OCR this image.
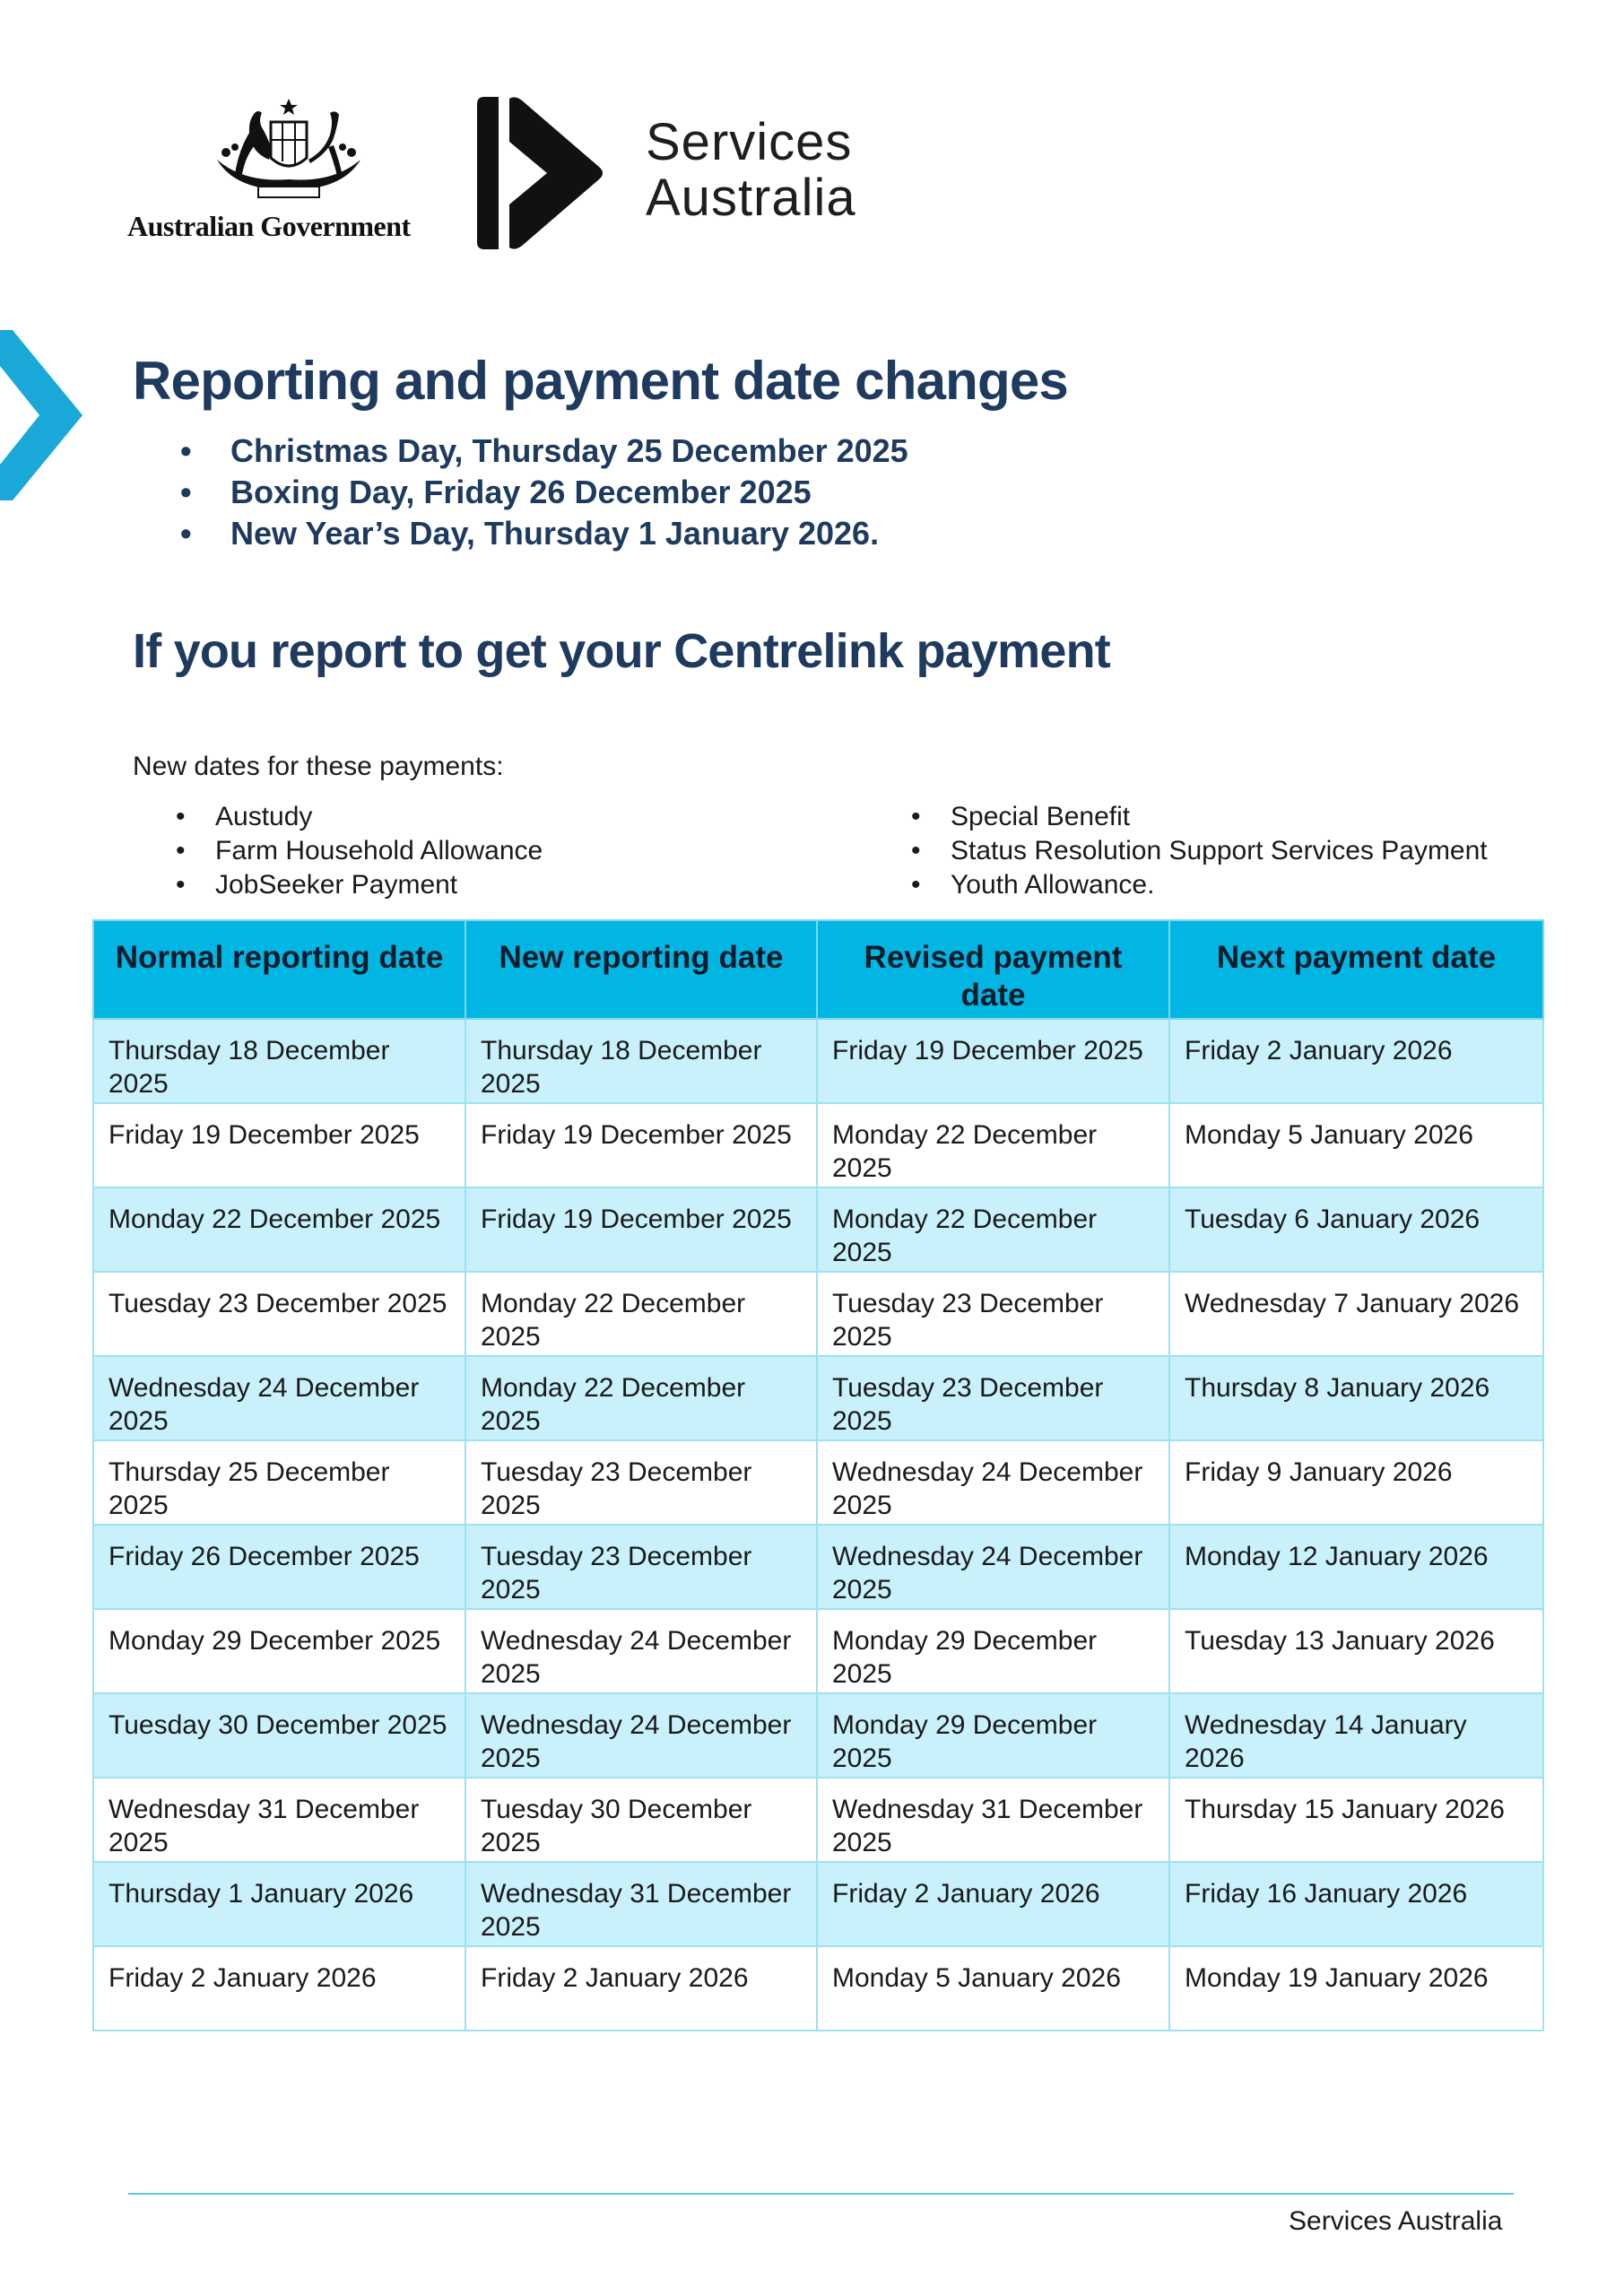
Australian Government
Services
Australia
Reporting and payment date changes
• Christmas Day, Thursday 25 December 2025
• Boxing Day, Friday 26 December 2025
• New Year’s Day, Thursday 1 January 2026.
If you report to get your Centrelink payment
New dates for these payments:
• Austudy
• Farm Household Allowance
• JobSeeker Payment
• Special Benefit
• Status Resolution Support Services Payment
• Youth Allowance.
Normal reporting date	New reporting date	Revised payment date	Next payment date
Thursday 18 December 2025	Thursday 18 December 2025	Friday 19 December 2025	Friday 2 January 2026
Friday 19 December 2025	Friday 19 December 2025	Monday 22 December 2025	Monday 5 January 2026
Monday 22 December 2025	Friday 19 December 2025	Monday 22 December 2025	Tuesday 6 January 2026
Tuesday 23 December 2025	Monday 22 December 2025	Tuesday 23 December 2025	Wednesday 7 January 2026
Wednesday 24 December 2025	Monday 22 December 2025	Tuesday 23 December 2025	Thursday 8 January 2026
Thursday 25 December 2025	Tuesday 23 December 2025	Wednesday 24 December 2025	Friday 9 January 2026
Friday 26 December 2025	Tuesday 23 December 2025	Wednesday 24 December 2025	Monday 12 January 2026
Monday 29 December 2025	Wednesday 24 December 2025	Monday 29 December 2025	Tuesday 13 January 2026
Tuesday 30 December 2025	Wednesday 24 December 2025	Monday 29 December 2025	Wednesday 14 January 2026
Wednesday 31 December 2025	Tuesday 30 December 2025	Wednesday 31 December 2025	Thursday 15 January 2026
Thursday 1 January 2026	Wednesday 31 December 2025	Friday 2 January 2026	Friday 16 January 2026
Friday 2 January 2026	Friday 2 January 2026	Monday 5 January 2026	Monday 19 January 2026
Services Australia
